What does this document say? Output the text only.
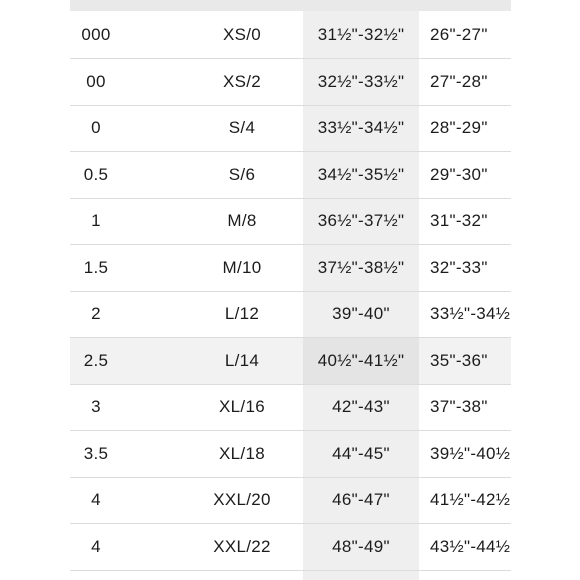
000	XS/0	31½"-32½"	26"-27"
00	XS/2	32½"-33½"	27"-28"
0	S/4	33½"-34½"	28"-29"
0.5	S/6	34½"-35½"	29"-30"
1	M/8	36½"-37½"	31"-32"
1.5	M/10	37½"-38½"	32"-33"
2	L/12	39"-40"	33½"-34½
2.5	L/14	40½"-41½"	35"-36"
3	XL/16	42"-43"	37"-38"
3.5	XL/18	44"-45"	39½"-40½
4	XXL/20	46"-47"	41½"-42½
4	XXL/22	48"-49"	43½"-44½
